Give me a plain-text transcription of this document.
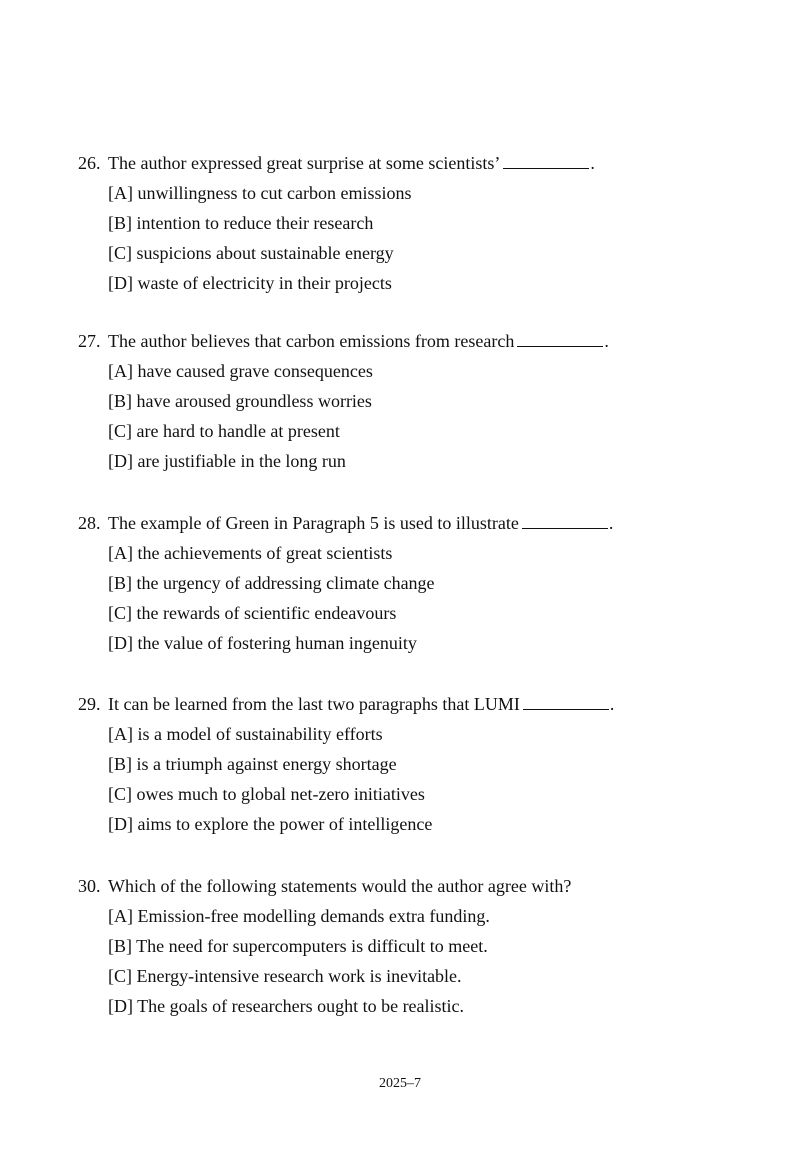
26. The author expressed great surprise at some scientists’	.
[A] unwillingness to cut carbon emissions
[B] intention to reduce their research
[C] suspicions about sustainable energy
[D] waste of electricity in their projects
27. The author believes that carbon emissions from research	.
[A] have caused grave consequences
[B] have aroused groundless worries
[C] are hard to handle at present
[D] are justifiable in the long run
28. The example of Green in Paragraph 5 is used to illustrate	.
[A] the achievements of great scientists
[B] the urgency of addressing climate change
[C] the rewards of scientific endeavours
[D] the value of fostering human ingenuity
29. It can be learned from the last two paragraphs that LUMI	.
[A] is a model of sustainability efforts
[B] is a triumph against energy shortage
[C] owes much to global net-zero initiatives
[D] aims to explore the power of intelligence
30. Which of the following statements would the author agree with?
[A] Emission-free modelling demands extra funding.
[B] The need for supercomputers is difficult to meet.
[C] Energy-intensive research work is inevitable.
[D] The goals of researchers ought to be realistic.
2025–7
